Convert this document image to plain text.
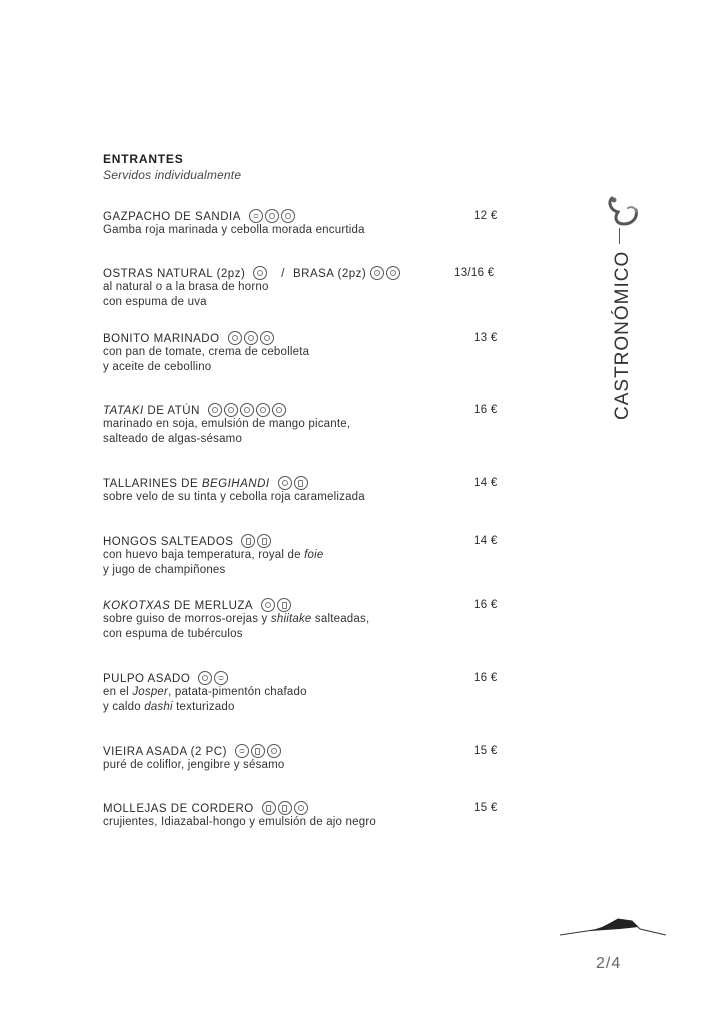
ENTRANTES
Servidos individualmente
GAZPACHO DE SANDIA
Gamba roja marinada y cebolla morada encurtida
12 €
OSTRAS NATURAL (2pz)	/ BRASA (2pz)
al natural o a la brasa de horno
con espuma de uva
13/16 €
BONITO MARINADO
con pan de tomate, crema de cebolleta
y aceite de cebollino
13 €
TATAKI DE ATÚN
marinado en soja, emulsión de mango picante,
salteado de algas-sésamo
16 €
TALLARINES DE BEGIHANDI
sobre velo de su tinta y cebolla roja caramelizada
14 €
HONGOS SALTEADOS
con huevo baja temperatura, royal de foie
y jugo de champiñones
14 €
KOKOTXAS DE MERLUZA
sobre guiso de morros-orejas y shiitake salteadas,
con espuma de tubérculos
16 €
PULPO ASADO
en el Josper, patata-pimentón chafado
y caldo dashi texturizado
16 €
VIEIRA ASADA (2 PC)
puré de coliflor, jengibre y sésamo
15 €
MOLLEJAS DE CORDERO
crujientes, Idiazabal-hongo y emulsión de ajo negro
15 €
CASTRONÓMICO
2/4
